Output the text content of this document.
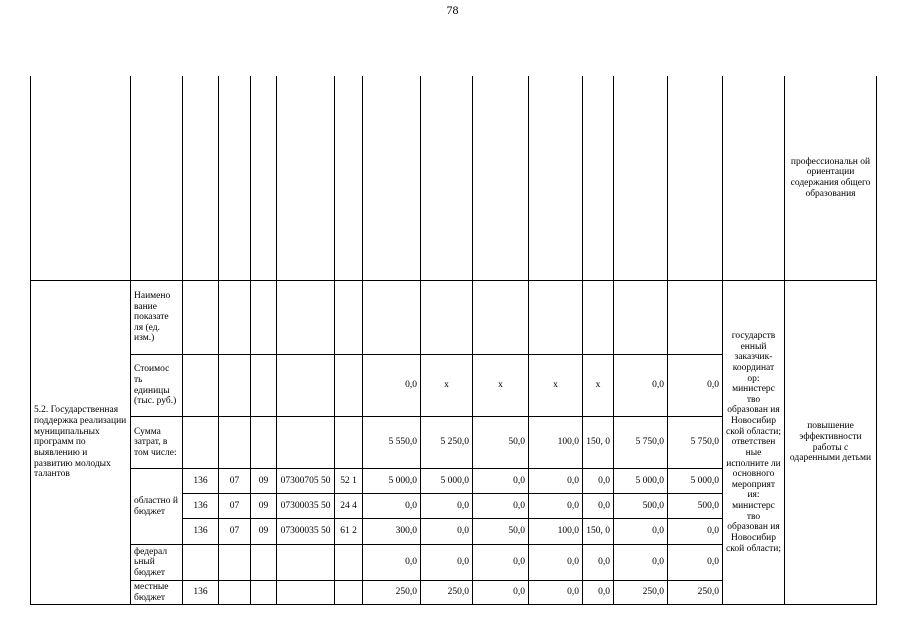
78
															профессиональн ой ориентации содержания общего образования
5.2. Государственная поддержка реализации муниципальных программ по выявлению и развитию молодых талантов	Наимено вание показате ля (ед. изм.)													государств енный заказчик-координат ор: министерс тво образован ия Новосибир ской области; ответствен ные исполните ли основного мероприят ия: министерс тво образован ия Новосибир ской области;	повышение эффективности работы с одаренными детьми
	Стоимос ть единицы (тыс. руб.)						0,0	x	x	x	x	0,0	0,0		
	Сумма затрат, в том числе:						5 550,0	5 250,0	50,0	100,0	150, 0	5 750,0	5 750,0		
	областно й бюджет	136	07	09	07300705 50	52 1	5 000,0	5 000,0	0,0	0,0	0,0	5 000,0	5 000,0		
		136	07	09	07300035 50	24 4	0,0	0,0	0,0	0,0	0,0	500,0	500,0		
		136	07	09	07300035 50	61 2	300,0	0,0	50,0	100,0	150, 0	0,0	0,0		
	федерал ьный бюджет						0,0	0,0	0,0	0,0	0,0	0,0	0,0		
	местные бюджет	136					250,0	250,0	0,0	0,0	0,0	250,0	250,0		
